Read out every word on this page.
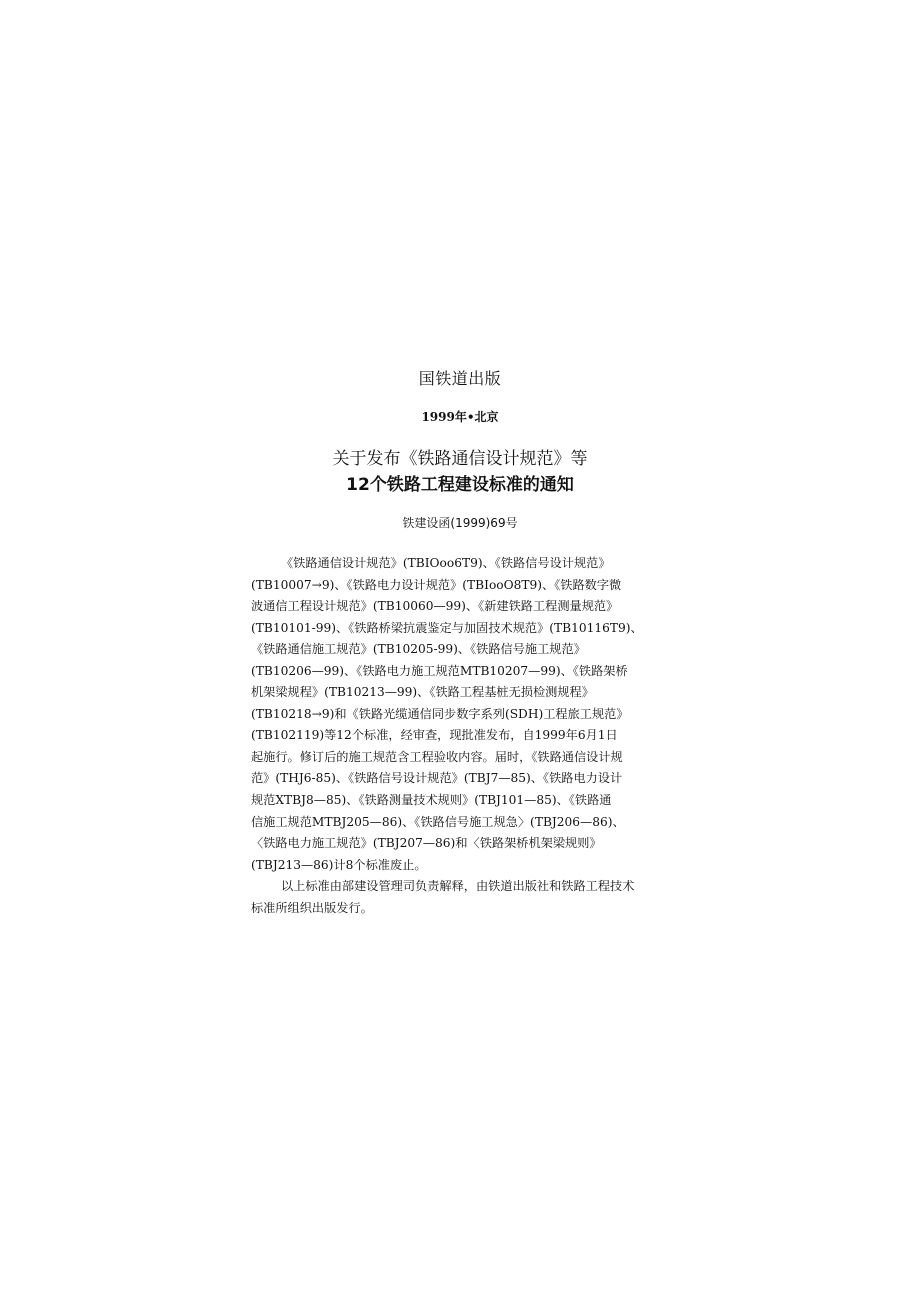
国铁道出版
1999年•北京
关于发布《铁路通信设计规范》等
12个铁路工程建设标准的通知
铁建设函(1999)69号
《铁路通信设计规范》(TBIOoo6T9)、《铁路信号设计规范》
(TB10007→9)、《铁路电力设计规范》(TBIooO8T9)、《铁路数字微
波通信工程设计规范》(TB10060—99)、《新建铁路工程测量规范》
(TB10101-99)、《铁路桥梁抗震鉴定与加固技术规范》(TB10116T9)、
《铁路通信施工规范》(TB10205-99)、《铁路信号施工规范》
(TB10206—99)、《铁路电力施工规范MTB10207—99)、《铁路架桥
机架梁规程》(TB10213—99)、《铁路工程基桩无损检测规程》
(TB10218→9)和《铁路光缆通信同步数字系列(SDH)工程旅工规范》
(TB102119)等12个标准，经审查，现批准发布，自1999年6月1日
起施行。修订后的施工规范含工程验收内容。届时，《铁路通信设计规
范》(THJ6-85)、《铁路信号设计规范》(TBJ7—85)、《铁路电力设计
规范XTBJ8—85)、《铁路测量技术规则》(TBJ101—85)、《铁路通
信施工规范MTBJ205—86)、《铁路信号施工规急〉(TBJ206—86)、
〈铁路电力施工规范》(TBJ207—86)和〈铁路架桥机架梁规则》
(TBJ213—86)计8个标准废止。
以上标准由部建设管理司负责解释，由铁道出版社和铁路工程技术
标准所组织出版发行。
